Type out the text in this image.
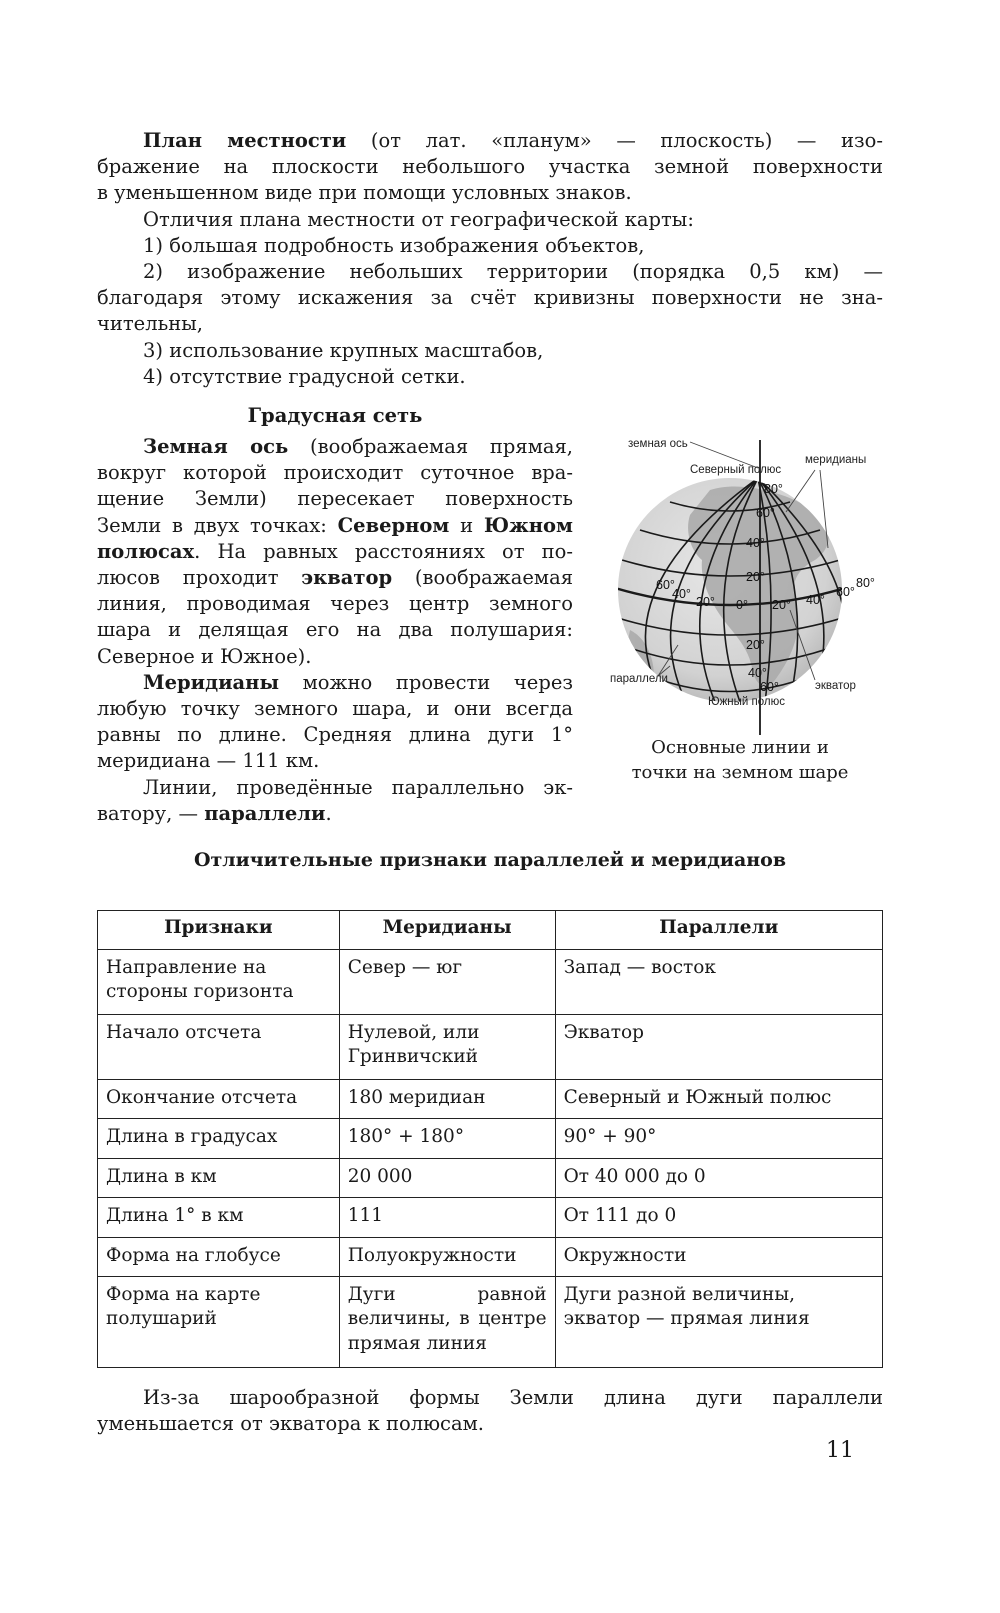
План местности (от лат. «планум» — плоскость) — изо-
бражение на плоскости небольшого участка земной поверхности
в уменьшенном виде при помощи условных знаков.
Отличия плана местности от географической карты:
1) большая подробность изображения объектов,
2) изображение небольших территории (порядка 0,5 км) —
благодаря этому искажения за счёт кривизны поверхности не зна-
чительны,
3) использование крупных масштабов,
4) отсутствие градусной сетки.
Градусная сеть
Земная ось (воображаемая прямая,
вокруг которой происходит суточное вра-
щение Земли) пересекает поверхность
Земли в двух точках: Северном и Южном
полюсах. На равных расстояниях от по-
люсов проходит экватор (воображаемая
линия, проводимая через центр земного
шара и делящая его на два полушария:
Северное и Южное).
Меридианы можно провести через
любую точку земного шара, и они всегда
равны по длине. Средняя длина дуги 1°
меридиана — 111 км.
Линии, проведённые параллельно эк-
ватору, — параллели.
земная ось
Северный полюс
меридианы
параллели
экватор
Южный полюс
80°
60°
40°
20°
20°
40°
60°
60°
40°
20° 0° 20° 40°
60°
80°
Основные линии и
точки на земном шаре
Отличительные признаки параллелей и меридианов
Признаки	Меридианы	Параллели
Направление на стороны горизонта	Север — юг	Запад — восток
Начало отсчета	Нулевой, или Гринвичский	Экватор
Окончание отсчета	180 меридиан	Северный и Южный полюс
Длина в градусах	180° + 180°	90° + 90°
Длина в км	20 000	От 40 000 до 0
Длина 1° в км	111	От 111 до 0
Форма на глобусе	Полуокружности	Окружности
Форма на карте полушарий	Дуги равной величины, в центре прямая линия	Дуги разной величины, экватор — прямая линия
Из-за шарообразной формы Земли длина дуги параллели
уменьшается от экватора к полюсам.
11
